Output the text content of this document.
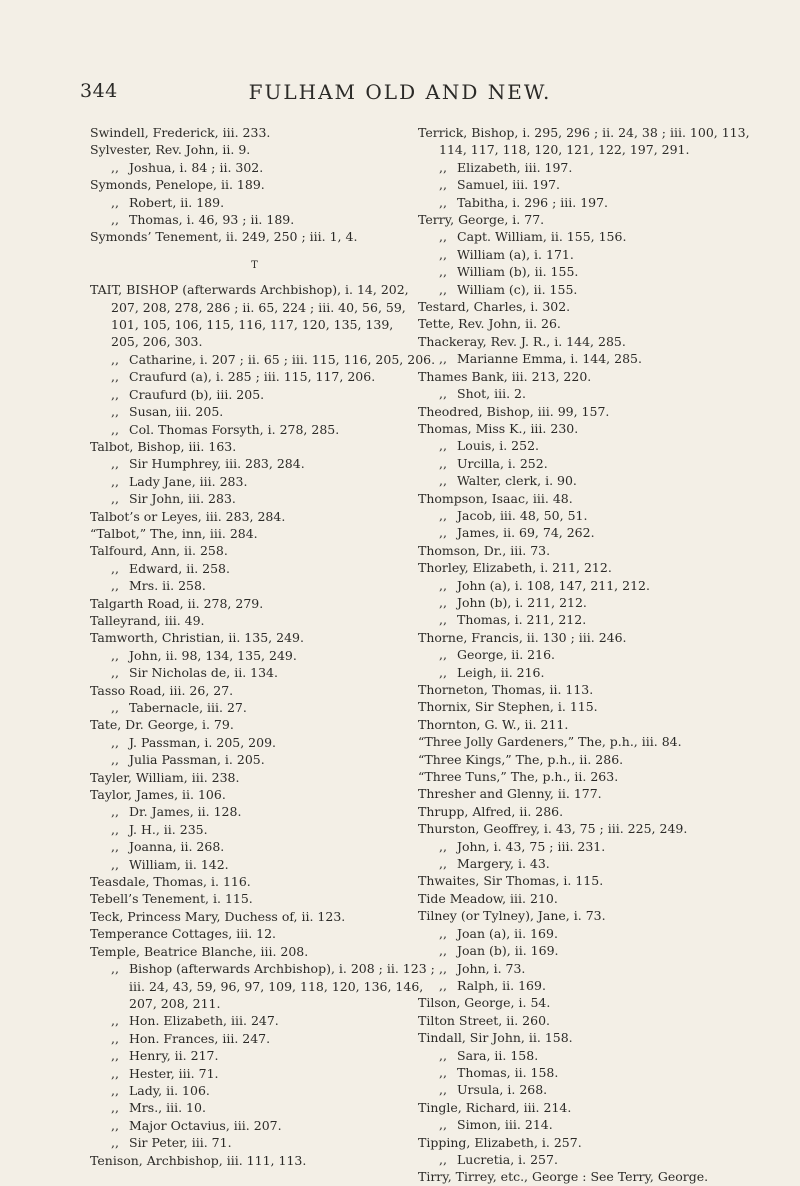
344	FULHAM OLD AND NEW.
Swindell, Frederick, iii. 233.
Sylvester, Rev. John, ii. 9.
,, Joshua, i. 84 ; ii. 302.
Symonds, Penelope, ii. 189.
,, Robert, ii. 189.
,, Thomas, i. 46, 93 ; ii. 189.
Symonds’ Tenement, ii. 249, 250 ; iii. 1, 4.
T
TAIT, BISHOP (afterwards Archbishop), i. 14, 202,
207, 208, 278, 286 ; ii. 65, 224 ; iii. 40, 56, 59,
101, 105, 106, 115, 116, 117, 120, 135, 139,
205, 206, 303.
,, Catharine, i. 207 ; ii. 65 ; iii. 115, 116, 205, 206.
,, Craufurd (a), i. 285 ; iii. 115, 117, 206.
,, Craufurd (b), iii. 205.
,, Susan, iii. 205.
,, Col. Thomas Forsyth, i. 278, 285.
Talbot, Bishop, iii. 163.
,, Sir Humphrey, iii. 283, 284.
,, Lady Jane, iii. 283.
,, Sir John, iii. 283.
Talbot’s or Leyes, iii. 283, 284.
“Talbot,” The, inn, iii. 284.
Talfourd, Ann, ii. 258.
,, Edward, ii. 258.
,, Mrs. ii. 258.
Talgarth Road, ii. 278, 279.
Talleyrand, iii. 49.
Tamworth, Christian, ii. 135, 249.
,, John, ii. 98, 134, 135, 249.
,, Sir Nicholas de, ii. 134.
Tasso Road, iii. 26, 27.
,, Tabernacle, iii. 27.
Tate, Dr. George, i. 79.
,, J. Passman, i. 205, 209.
,, Julia Passman, i. 205.
Tayler, William, iii. 238.
Taylor, James, ii. 106.
,, Dr. James, ii. 128.
,, J. H., ii. 235.
,, Joanna, ii. 268.
,, William, ii. 142.
Teasdale, Thomas, i. 116.
Tebell’s Tenement, i. 115.
Teck, Princess Mary, Duchess of, ii. 123.
Temperance Cottages, iii. 12.
Temple, Beatrice Blanche, iii. 208.
,, Bishop (afterwards Archbishop), i. 208 ; ii. 123 ;
iii. 24, 43, 59, 96, 97, 109, 118, 120, 136, 146,
207, 208, 211.
,, Hon. Elizabeth, iii. 247.
,, Hon. Frances, iii. 247.
,, Henry, ii. 217.
,, Hester, iii. 71.
,, Lady, ii. 106.
,, Mrs., iii. 10.
,, Major Octavius, iii. 207.
,, Sir Peter, iii. 71.
Tenison, Archbishop, iii. 111, 113.
Terrick, Bishop, i. 295, 296 ; ii. 24, 38 ; iii. 100, 113,
114, 117, 118, 120, 121, 122, 197, 291.
,, Elizabeth, iii. 197.
,, Samuel, iii. 197.
,, Tabitha, i. 296 ; iii. 197.
Terry, George, i. 77.
,, Capt. William, ii. 155, 156.
,, William (a), i. 171.
,, William (b), ii. 155.
,, William (c), ii. 155.
Testard, Charles, i. 302.
Tette, Rev. John, ii. 26.
Thackeray, Rev. J. R., i. 144, 285.
,, Marianne Emma, i. 144, 285.
Thames Bank, iii. 213, 220.
,, Shot, iii. 2.
Theodred, Bishop, iii. 99, 157.
Thomas, Miss K., iii. 230.
,, Louis, i. 252.
,, Urcilla, i. 252.
,, Walter, clerk, i. 90.
Thompson, Isaac, iii. 48.
,, Jacob, iii. 48, 50, 51.
,, James, ii. 69, 74, 262.
Thomson, Dr., iii. 73.
Thorley, Elizabeth, i. 211, 212.
,, John (a), i. 108, 147, 211, 212.
,, John (b), i. 211, 212.
,, Thomas, i. 211, 212.
Thorne, Francis, ii. 130 ; iii. 246.
,, George, ii. 216.
,, Leigh, ii. 216.
Thorneton, Thomas, ii. 113.
Thornix, Sir Stephen, i. 115.
Thornton, G. W., ii. 211.
“Three Jolly Gardeners,” The, p.h., iii. 84.
“Three Kings,” The, p.h., ii. 286.
“Three Tuns,” The, p.h., ii. 263.
Thresher and Glenny, ii. 177.
Thrupp, Alfred, ii. 286.
Thurston, Geoffrey, i. 43, 75 ; iii. 225, 249.
,, John, i. 43, 75 ; iii. 231.
,, Margery, i. 43.
Thwaites, Sir Thomas, i. 115.
Tide Meadow, iii. 210.
Tilney (or Tylney), Jane, i. 73.
,, Joan (a), ii. 169.
,, Joan (b), ii. 169.
,, John, i. 73.
,, Ralph, ii. 169.
Tilson, George, i. 54.
Tilton Street, ii. 260.
Tindall, Sir John, ii. 158.
,, Sara, ii. 158.
,, Thomas, ii. 158.
,, Ursula, i. 268.
Tingle, Richard, iii. 214.
,, Simon, iii. 214.
Tipping, Elizabeth, i. 257.
,, Lucretia, i. 257.
Tirry, Tirrey, etc., George : See Terry, George.
